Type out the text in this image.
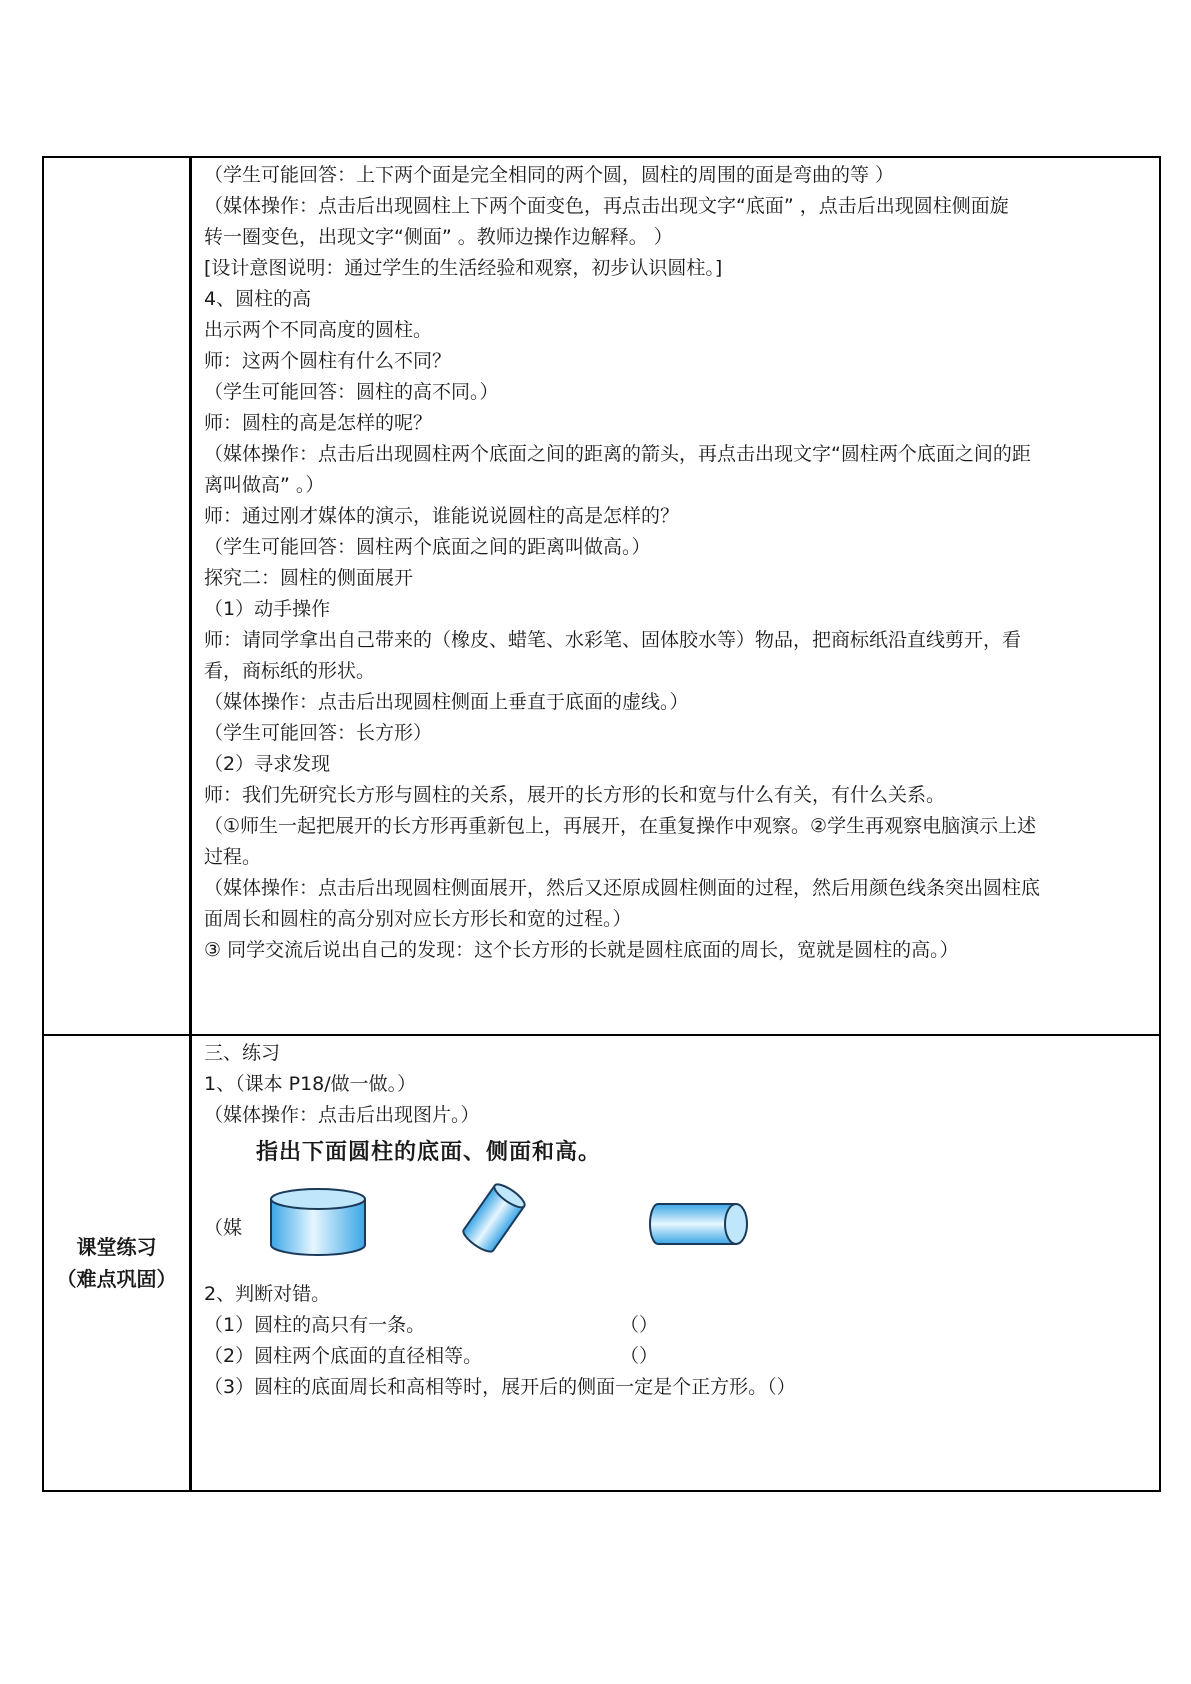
（学生可能回答：上下两个面是完全相同的两个圆，圆柱的周围的面是弯曲的等 ）
（媒体操作：点击后出现圆柱上下两个面变色，再点击出现文字“底面” ，点击后出现圆柱侧面旋
转一圈变色，出现文字“侧面” 。教师边操作边解释。 ）
[设计意图说明：通过学生的生活经验和观察，初步认识圆柱。]
4、圆柱的高
出示两个不同高度的圆柱。
师：这两个圆柱有什么不同？
（学生可能回答：圆柱的高不同。）
师：圆柱的高是怎样的呢？
（媒体操作：点击后出现圆柱两个底面之间的距离的箭头，再点击出现文字“圆柱两个底面之间的距
离叫做高” 。）
师：通过刚才媒体的演示，谁能说说圆柱的高是怎样的？
（学生可能回答：圆柱两个底面之间的距离叫做高。）
探究二：圆柱的侧面展开
（1）动手操作
师：请同学拿出自己带来的（橡皮、蜡笔、水彩笔、固体胶水等）物品，把商标纸沿直线剪开，看
看，商标纸的形状。
（媒体操作：点击后出现圆柱侧面上垂直于底面的虚线。）
（学生可能回答：长方形）
（2）寻求发现
师：我们先研究长方形与圆柱的关系，展开的长方形的长和宽与什么有关，有什么关系。
（①师生一起把展开的长方形再重新包上，再展开，在重复操作中观察。②学生再观察电脑演示上述
过程。
（媒体操作：点击后出现圆柱侧面展开，然后又还原成圆柱侧面的过程，然后用颜色线条突出圆柱底
面周长和圆柱的高分别对应长方形长和宽的过程。）
③ 同学交流后说出自己的发现：这个长方形的长就是圆柱底面的周长，宽就是圆柱的高。）
课堂练习
（难点巩固）
三、练习
1、（课本 P18/做一做。）
（媒体操作：点击后出现图片。）
指出下面圆柱的底面、侧面和高。
（媒
2、判断对错。
（1）圆柱的高只有一条。	（）
（2）圆柱两个底面的直径相等。	（）
（3）圆柱的底面周长和高相等时，展开后的侧面一定是个正方形。（）
